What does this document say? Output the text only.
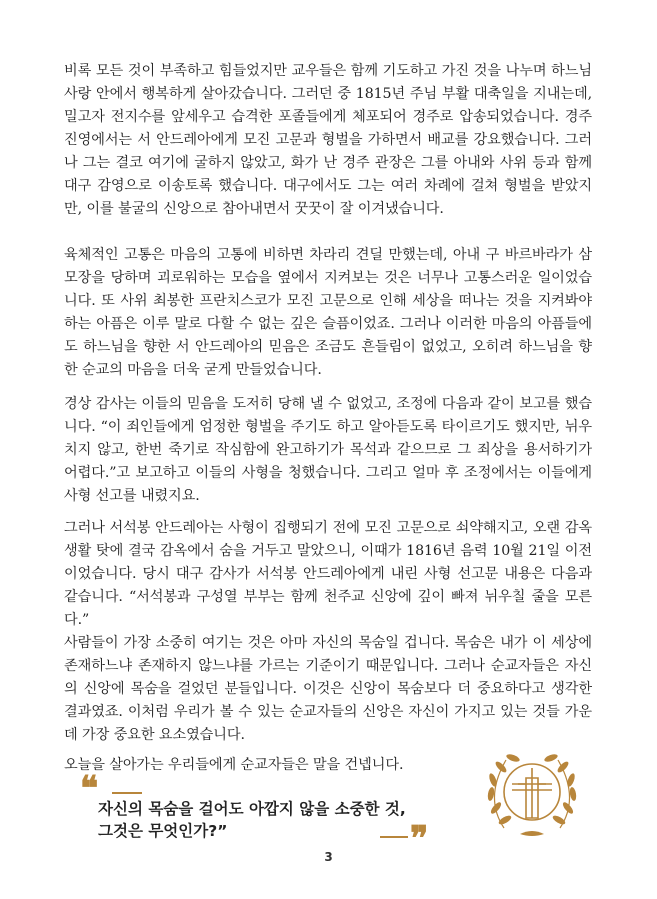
비록 모든 것이 부족하고 힘들었지만 교우들은 함께 기도하고 가진 것을 나누며 하느님 사랑 안에서 행복하게 살아갔습니다. 그러던 중 1815년 주님 부활 대축일을 지내는데, 밀고자 전지수를 앞세우고 습격한 포졸들에게 체포되어 경주로 압송되었습니다. 경주 진영에서는 서 안드레아에게 모진 고문과 형벌을 가하면서 배교를 강요했습니다. 그러나 그는 결코 여기에 굴하지 않았고, 화가 난 경주 관장은 그를 아내와 사위 등과 함께 대구 감영으로 이송토록 했습니다. 대구에서도 그는 여러 차례에 걸쳐 형벌을 받았지만, 이를 불굴의 신앙으로 참아내면서 꿋꿋이 잘 이겨냈습니다.

육체적인 고통은 마음의 고통에 비하면 차라리 견딜 만했는데, 아내 구 바르바라가 삼모장을 당하며 괴로워하는 모습을 옆에서 지켜보는 것은 너무나 고통스러운 일이었습니다. 또 사위 최봉한 프란치스코가 모진 고문으로 인해 세상을 떠나는 것을 지켜봐야하는 아픔은 이루 말로 다할 수 없는 깊은 슬픔이었죠. 그러나 이러한 마음의 아픔들에도 하느님을 향한 서 안드레아의 믿음은 조금도 흔들림이 없었고, 오히려 하느님을 향한 순교의 마음을 더욱 굳게 만들었습니다.

경상 감사는 이들의 믿음을 도저히 당해 낼 수 없었고, 조정에 다음과 같이 보고를 했습니다. “이 죄인들에게 엄정한 형벌을 주기도 하고 알아듣도록 타이르기도 했지만, 뉘우치지 않고, 한번 죽기로 작심함에 완고하기가 목석과 같으므로 그 죄상을 용서하기가 어렵다.”고 보고하고 이들의 사형을 청했습니다. 그리고 얼마 후 조정에서는 이들에게 사형 선고를 내렸지요.

그러나 서석봉 안드레아는 사형이 집행되기 전에 모진 고문으로 쇠약해지고, 오랜 감옥생활 탓에 결국 감옥에서 숨을 거두고 말았으니, 이때가 1816년 음력 10월 21일 이전이었습니다. 당시 대구 감사가 서석봉 안드레아에게 내린 사형 선고문 내용은 다음과 같습니다. “서석봉과 구성열 부부는 함께 천주교 신앙에 깊이 빠져 뉘우칠 줄을 모른다.”

사람들이 가장 소중히 여기는 것은 아마 자신의 목숨일 겁니다. 목숨은 내가 이 세상에 존재하느냐 존재하지 않느냐를 가르는 기준이기 때문입니다. 그러나 순교자들은 자신의 신앙에 목숨을 걸었던 분들입니다. 이것은 신앙이 목숨보다 더 중요하다고 생각한 결과였죠. 이처럼 우리가 볼 수 있는 순교자들의 신앙은 자신이 가지고 있는 것들 가운데 가장 중요한 요소였습니다.

오늘을 살아가는 우리들에게 순교자들은 말을 건넵니다.

❝ 자신의 목숨을 걸어도 아깝지 않을 소중한 것,
그것은 무엇인가?”	❞
3
